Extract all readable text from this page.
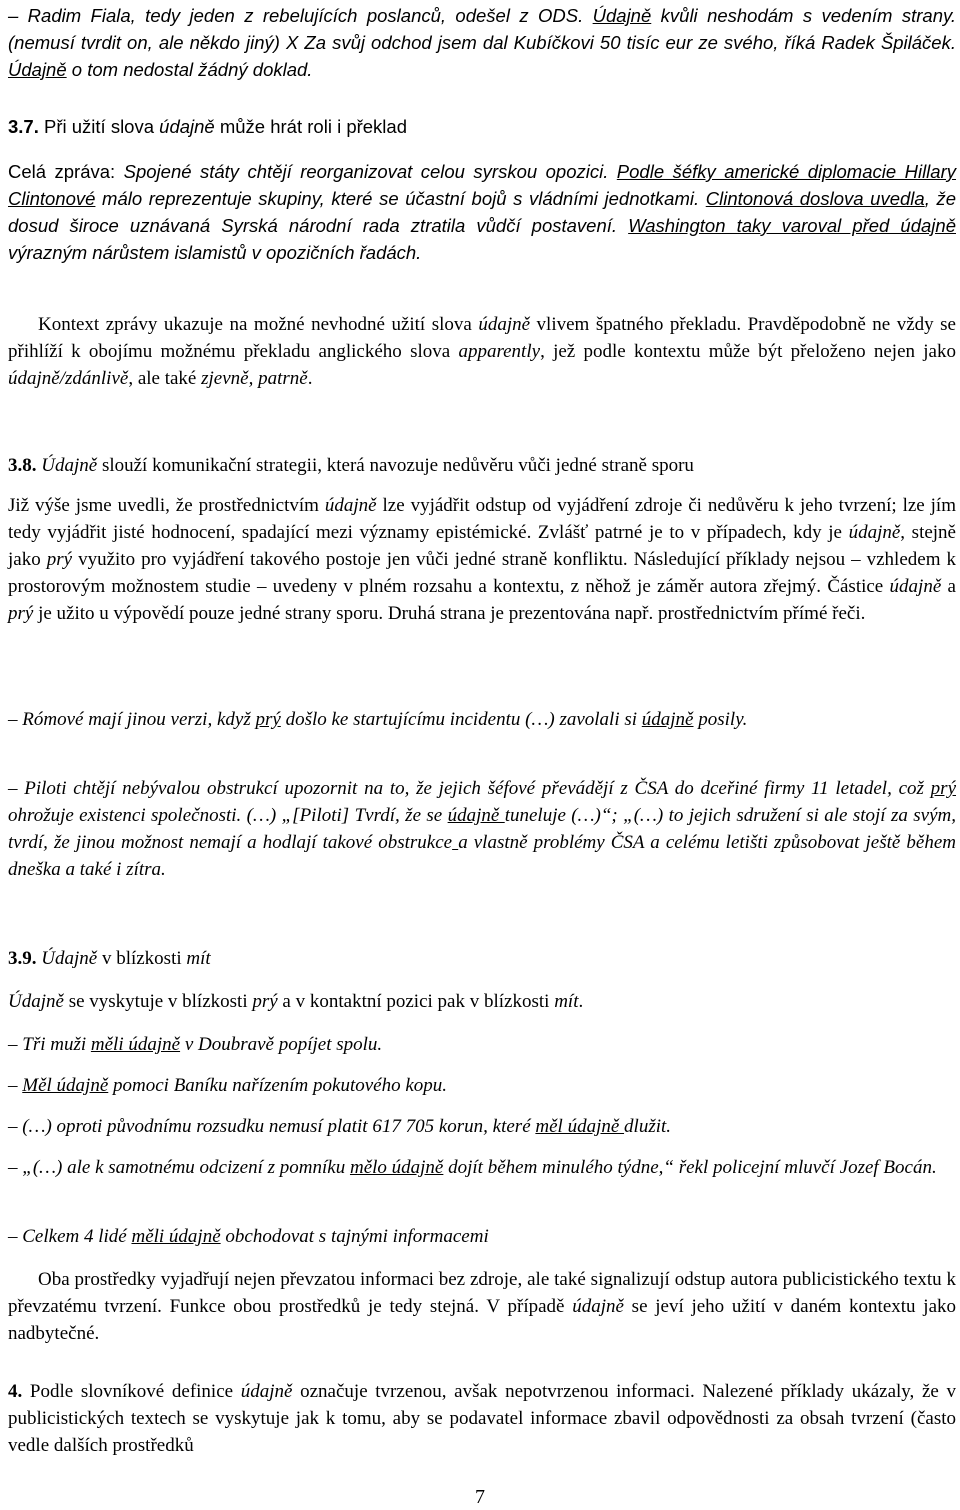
– Radim Fiala, tedy jeden z rebelujících poslanců, odešel z ODS. Údajně kvůli neshodám s vedením strany. (nemusí tvrdit on, ale někdo jiný) X Za svůj odchod jsem dal Kubíčkovi 50 tisíc eur ze svého, říká Radek Špiláček. Údajně o tom nedostal žádný doklad.

3.7. Při užití slova údajně může hrát roli i překlad

Celá zpráva: Spojené státy chtějí reorganizovat celou syrskou opozici. Podle šéfky americké diplomacie Hillary Clintonové málo reprezentuje skupiny, které se účastní bojů s vládními jednotkami. Clintonová doslova uvedla, že dosud široce uznávaná Syrská národní rada ztratila vůdčí postavení. Washington taky varoval před údajně výrazným nárůstem islamistů v opozičních řadách.

Kontext zprávy ukazuje na možné nevhodné užití slova údajně vlivem špatného překladu. Pravděpodobně ne vždy se přihlíží k obojímu možnému překladu anglického slova apparently, jež podle kontextu může být přeloženo nejen jako údajně/zdánlivě, ale také zjevně, patrně.

3.8. Údajně slouží komunikační strategii, která navozuje nedůvěru vůči jedné straně sporu

Již výše jsme uvedli, že prostřednictvím údajně lze vyjádřit odstup od vyjádření zdroje či nedůvěru k jeho tvrzení; lze jím tedy vyjádřit jisté hodnocení, spadající mezi významy epistémické. Zvlášť patrné je to v případech, kdy je údajně, stejně jako prý využito pro vyjádření takového postoje jen vůči jedné straně konfliktu. Následující příklady nejsou – vzhledem k prostorovým možnostem studie – uvedeny v plném rozsahu a kontextu, z něhož je záměr autora zřejmý. Částice údajně a prý je užito u výpovědí pouze jedné strany sporu. Druhá strana je prezentována např. prostřednictvím přímé řeči.

– Rómové mají jinou verzi, když prý došlo ke startujícímu incidentu (…) zavolali si údajně posily.

– Piloti chtějí nebývalou obstrukcí upozornit na to, že jejich šéfové převádějí z ČSA do dceřiné firmy 11 letadel, což prý ohrožuje existenci společnosti. (…) „[Piloti] Tvrdí, že se údajně tuneluje (…)“; „(…) to jejich sdružení si ale stojí za svým, tvrdí, že jinou možnost nemají a hodlají takové obstrukce a vlastně problémy ČSA a celému letišti způsobovat ještě během dneška a také i zítra.

3.9. Údajně v blízkosti mít

Údajně se vyskytuje v blízkosti prý a v kontaktní pozici pak v blízkosti mít.

– Tři muži měli údajně v Doubravě popíjet spolu.

– Měl údajně pomoci Baníku nařízením pokutového kopu.

– (…) oproti původnímu rozsudku nemusí platit 617 705 korun, které měl údajně dlužit.

– „(…) ale k samotnému odcizení z pomníku mělo údajně dojít během minulého týdne,“ řekl policejní mluvčí Jozef Bocán.

– Celkem 4 lidé měli údajně obchodovat s tajnými informacemi

Oba prostředky vyjadřují nejen převzatou informaci bez zdroje, ale také signalizují odstup autora publicistického textu k převzatému tvrzení. Funkce obou prostředků je tedy stejná. V případě údajně se jeví jeho užití v daném kontextu jako nadbytečné.

4. Podle slovníkové definice údajně označuje tvrzenou, avšak nepotvrzenou informaci. Nalezené příklady ukázaly, že v publicistických textech se vyskytuje jak k tomu, aby se podavatel informace zbavil odpovědnosti za obsah tvrzení (často vedle dalších prostředků

7
